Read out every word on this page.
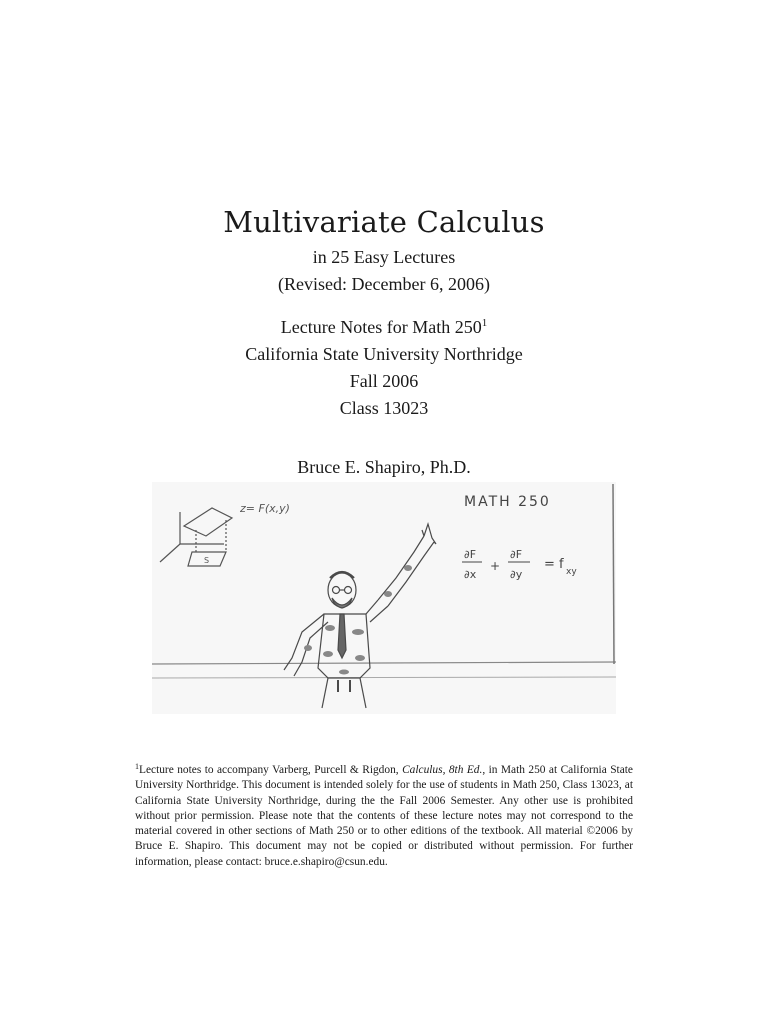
Multivariate Calculus
in 25 Easy Lectures
(Revised: December 6, 2006)
Lecture Notes for Math $250^1$
California State University Northridge
Fall 2006
Class 13023
Bruce E. Shapiro, Ph.D.
S
z= F(x,y)	MATH 250
∂F
∂x
+
∂F
∂y
= f xy
$^1$Lecture notes to accompany Varberg, Purcell & Rigdon, Calculus, 8th Ed., in Math 250 at California State University Northridge. This document is intended solely for the use of students in Math 250, Class 13023, at California State University Northridge, during the the Fall 2006 Semester. Any other use is prohibited without prior permission. Please note that the contents of these lecture notes may not correspond to the material covered in other sections of Math 250 or to other editions of the textbook. All material ©2006 by Bruce E. Shapiro. This document may not be copied or distributed without permission. For further information, please contact: bruce.e.shapiro@csun.edu.
